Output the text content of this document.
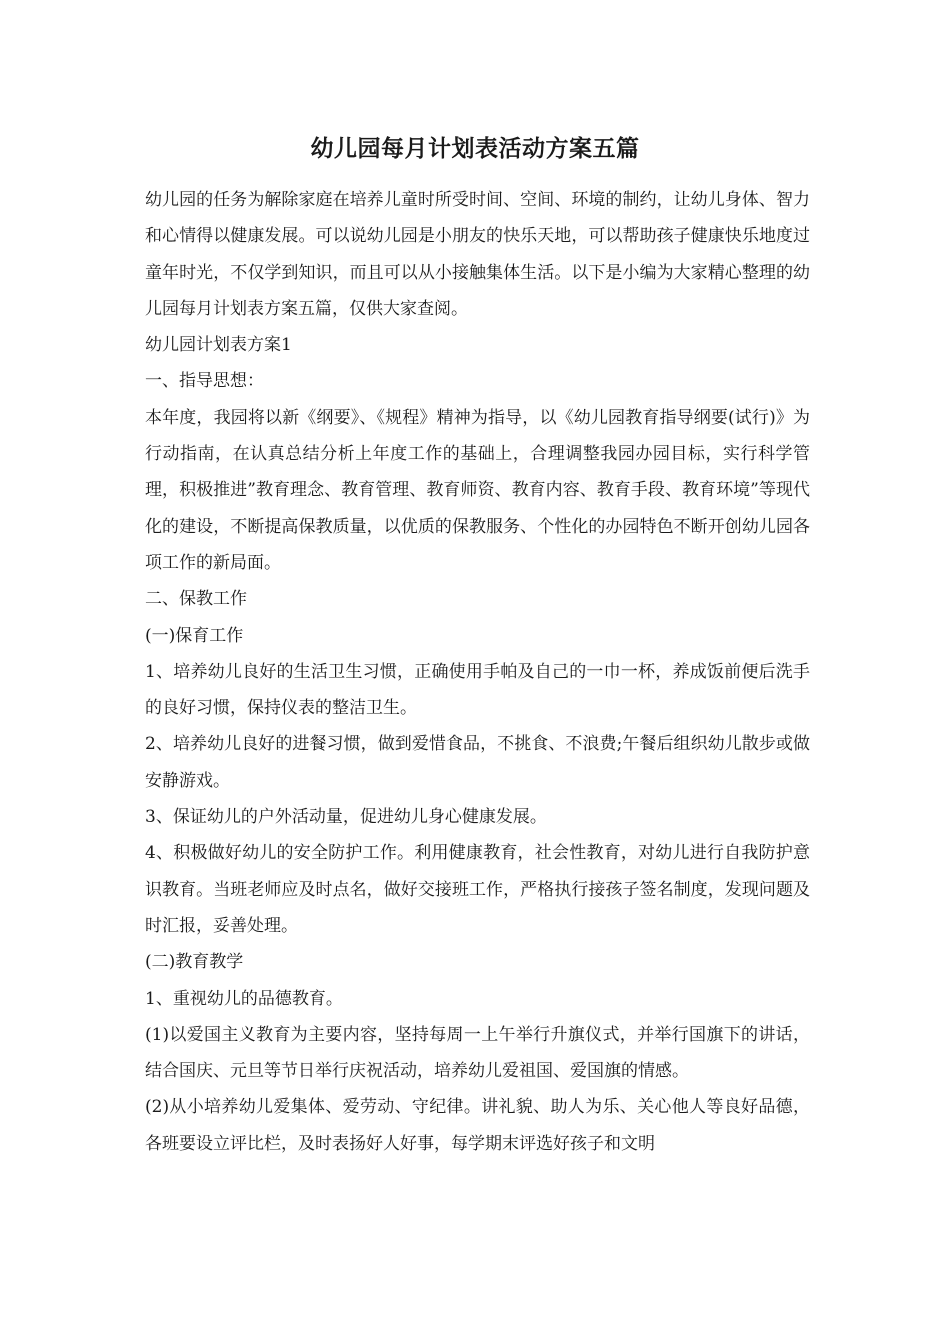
幼儿园每月计划表活动方案五篇

幼儿园的任务为解除家庭在培养儿童时所受时间、空间、环境的制约，让幼儿身体、智力和心情得以健康发展。可以说幼儿园是小朋友的快乐天地，可以帮助孩子健康快乐地度过童年时光，不仅学到知识，而且可以从小接触集体生活。以下是小编为大家精心整理的幼儿园每月计划表方案五篇，仅供大家查阅。

幼儿园计划表方案1

一、指导思想：

本年度，我园将以新《纲要》、《规程》精神为指导，以《幼儿园教育指导纲要(试行)》为行动指南，在认真总结分析上年度工作的基础上，合理调整我园办园目标，实行科学管理，积极推进”教育理念、教育管理、教育师资、教育内容、教育手段、教育环境”等现代化的建设，不断提高保教质量，以优质的保教服务、个性化的办园特色不断开创幼儿园各项工作的新局面。

二、保教工作

(一)保育工作

1、培养幼儿良好的生活卫生习惯，正确使用手帕及自己的一巾一杯，养成饭前便后洗手的良好习惯，保持仪表的整洁卫生。

2、培养幼儿良好的进餐习惯，做到爱惜食品，不挑食、不浪费;午餐后组织幼儿散步或做安静游戏。

3、保证幼儿的户外活动量，促进幼儿身心健康发展。

4、积极做好幼儿的安全防护工作。利用健康教育，社会性教育，对幼儿进行自我防护意识教育。当班老师应及时点名，做好交接班工作，严格执行接孩子签名制度，发现问题及时汇报，妥善处理。

(二)教育教学

1、重视幼儿的品德教育。

(1)以爱国主义教育为主要内容，坚持每周一上午举行升旗仪式，并举行国旗下的讲话，结合国庆、元旦等节日举行庆祝活动，培养幼儿爱祖国、爱国旗的情感。

(2)从小培养幼儿爱集体、爱劳动、守纪律。讲礼貌、助人为乐、关心他人等良好品德，各班要设立评比栏，及时表扬好人好事，每学期末评选好孩子和文明
